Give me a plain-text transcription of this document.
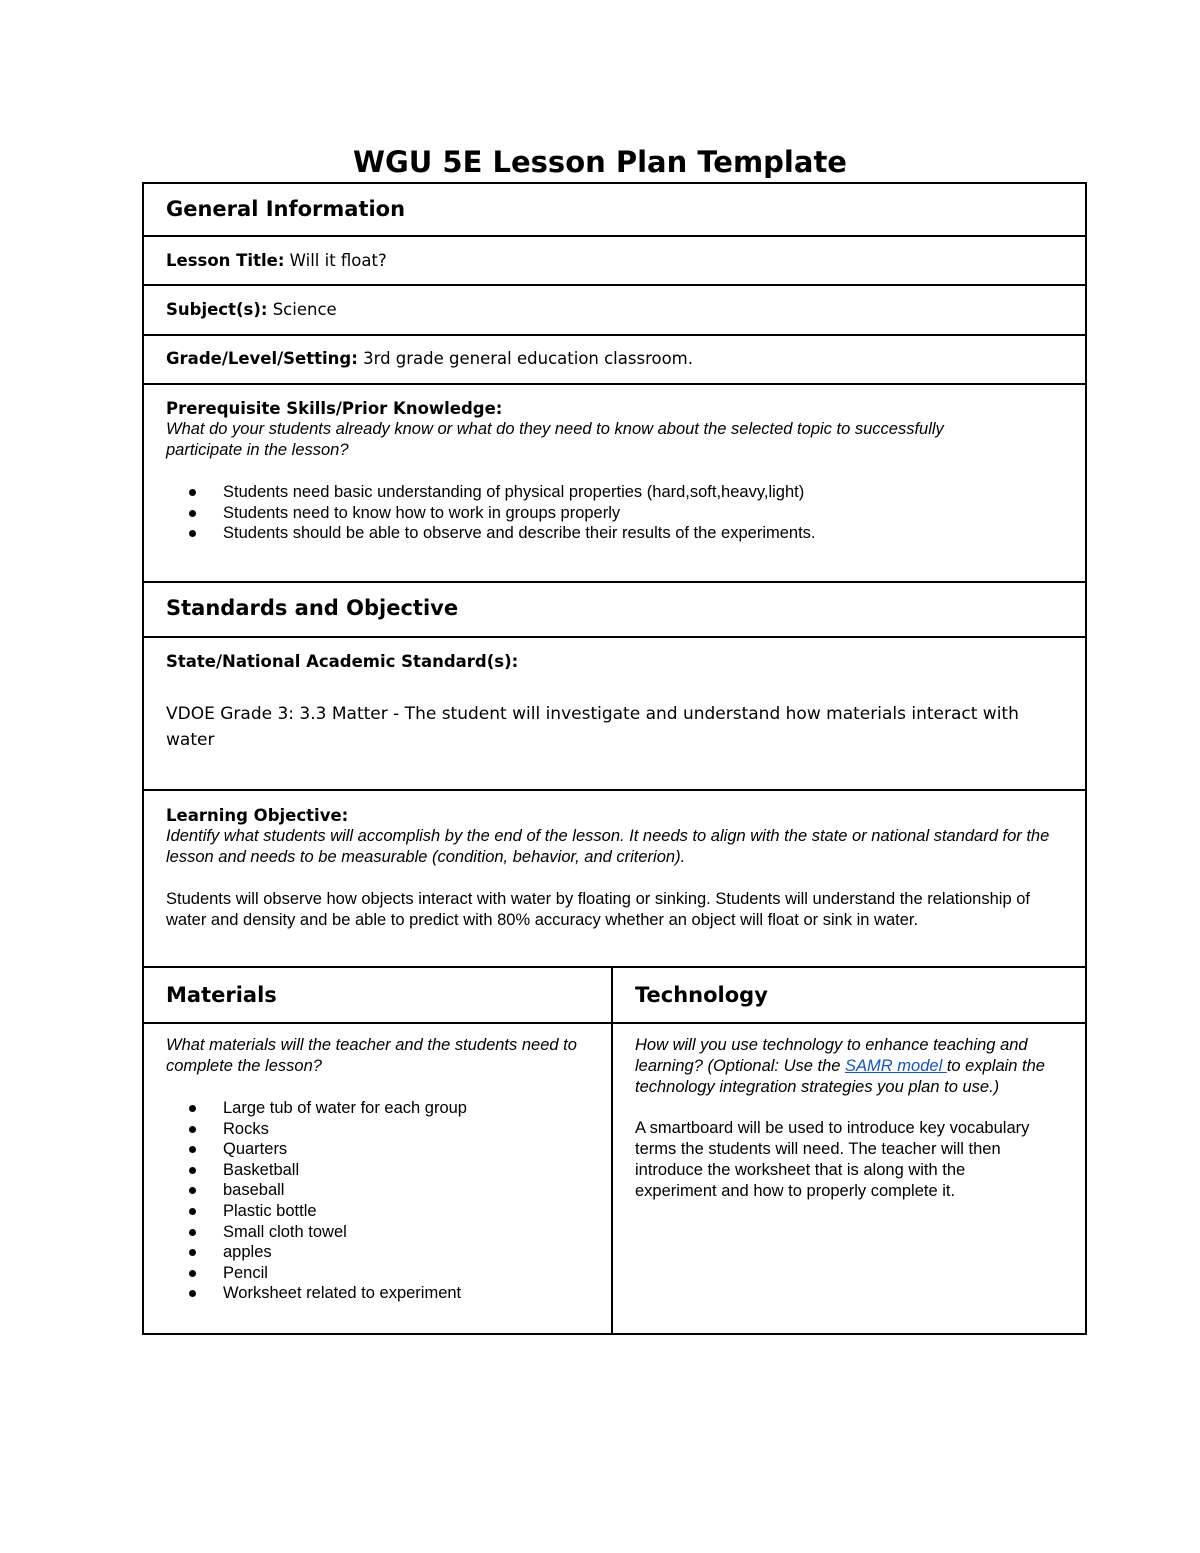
WGU 5E Lesson Plan Template
General Information
Lesson Title: Will it float?
Subject(s): Science
Grade/Level/Setting: 3rd grade general education classroom.
Prerequisite Skills/Prior Knowledge:
What do your students already know or what do they need to know about the selected topic to successfully participate in the lesson?
Students need basic understanding of physical properties (hard,soft,heavy,light)
Students need to know how to work in groups properly
Students should be able to observe and describe their results of the experiments.
Standards and Objective
State/National Academic Standard(s):
VDOE Grade 3: 3.3 Matter - The student will investigate and understand how materials interact with water
Learning Objective:
Identify what students will accomplish by the end of the lesson. It needs to align with the state or national standard for the lesson and needs to be measurable (condition, behavior, and criterion).
Students will observe how objects interact with water by floating or sinking. Students will understand the relationship of water and density and be able to predict with 80% accuracy whether an object will float or sink in water.
Materials	Technology
What materials will the teacher and the students need to complete the lesson?
Large tub of water for each group
Rocks
Quarters
Basketball
baseball
Plastic bottle
Small cloth towel
apples
Pencil
Worksheet related to experiment
How will you use technology to enhance teaching and learning? (Optional: Use the SAMR model to explain the technology integration strategies you plan to use.)
A smartboard will be used to introduce key vocabulary terms the students will need. The teacher will then introduce the worksheet that is along with the experiment and how to properly complete it.
